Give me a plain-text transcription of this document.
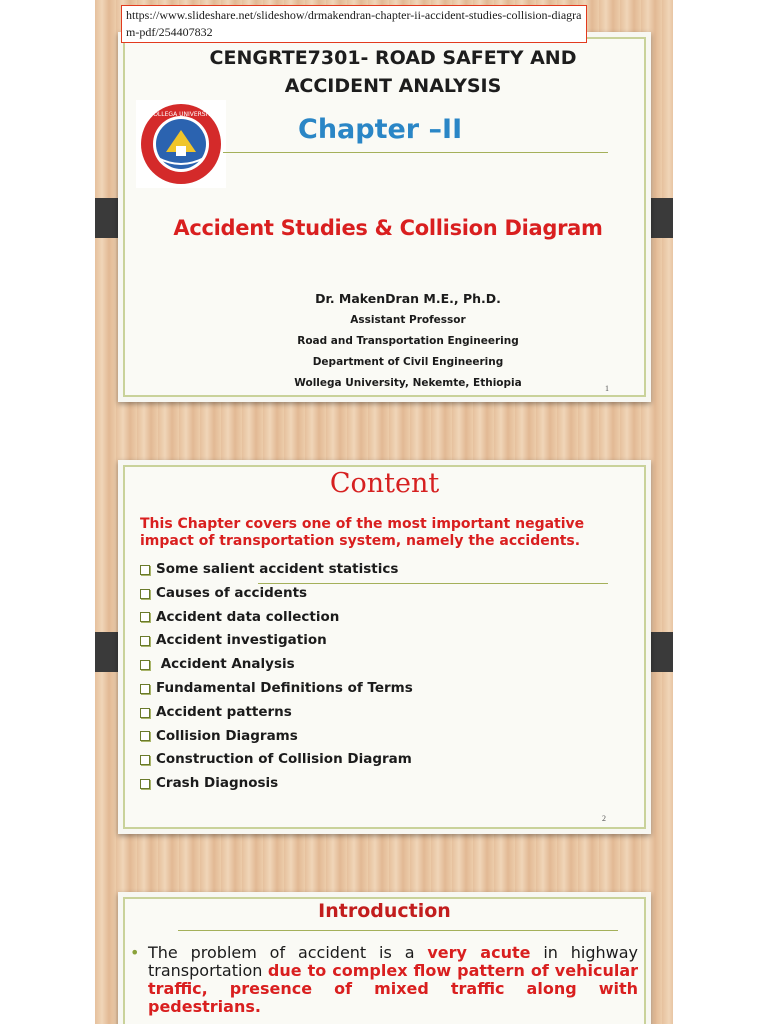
https://www.slideshare.net/slideshow/drmakendran-chapter-ii-accident-studies-collision-diagram-pdf/254407832
CENGRTE7301- ROAD SAFETY AND
ACCIDENT ANALYSIS
WOLLEGA UNIVERSITY	Chapter –II
Accident Studies & Collision Diagram
Dr. MakenDran M.E., Ph.D.
Assistant Professor
Road and Transportation Engineering
Department of Civil Engineering
Wollega University, Nekemte, Ethiopia	1
Content
This Chapter covers one of the most important negative
impact of transportation system, namely the accidents.
Some salient accident statistics
Causes of accidents
Accident data collection
Accident investigation
Accident Analysis
Fundamental Definitions of Terms
Accident patterns
Collision Diagrams
Construction of Collision Diagram
Crash Diagnosis
2
Introduction
• The problem of accident is a very acute in highway transportation due to complex flow pattern of vehicular traffic, presence of mixed traffic along with pedestrians.
